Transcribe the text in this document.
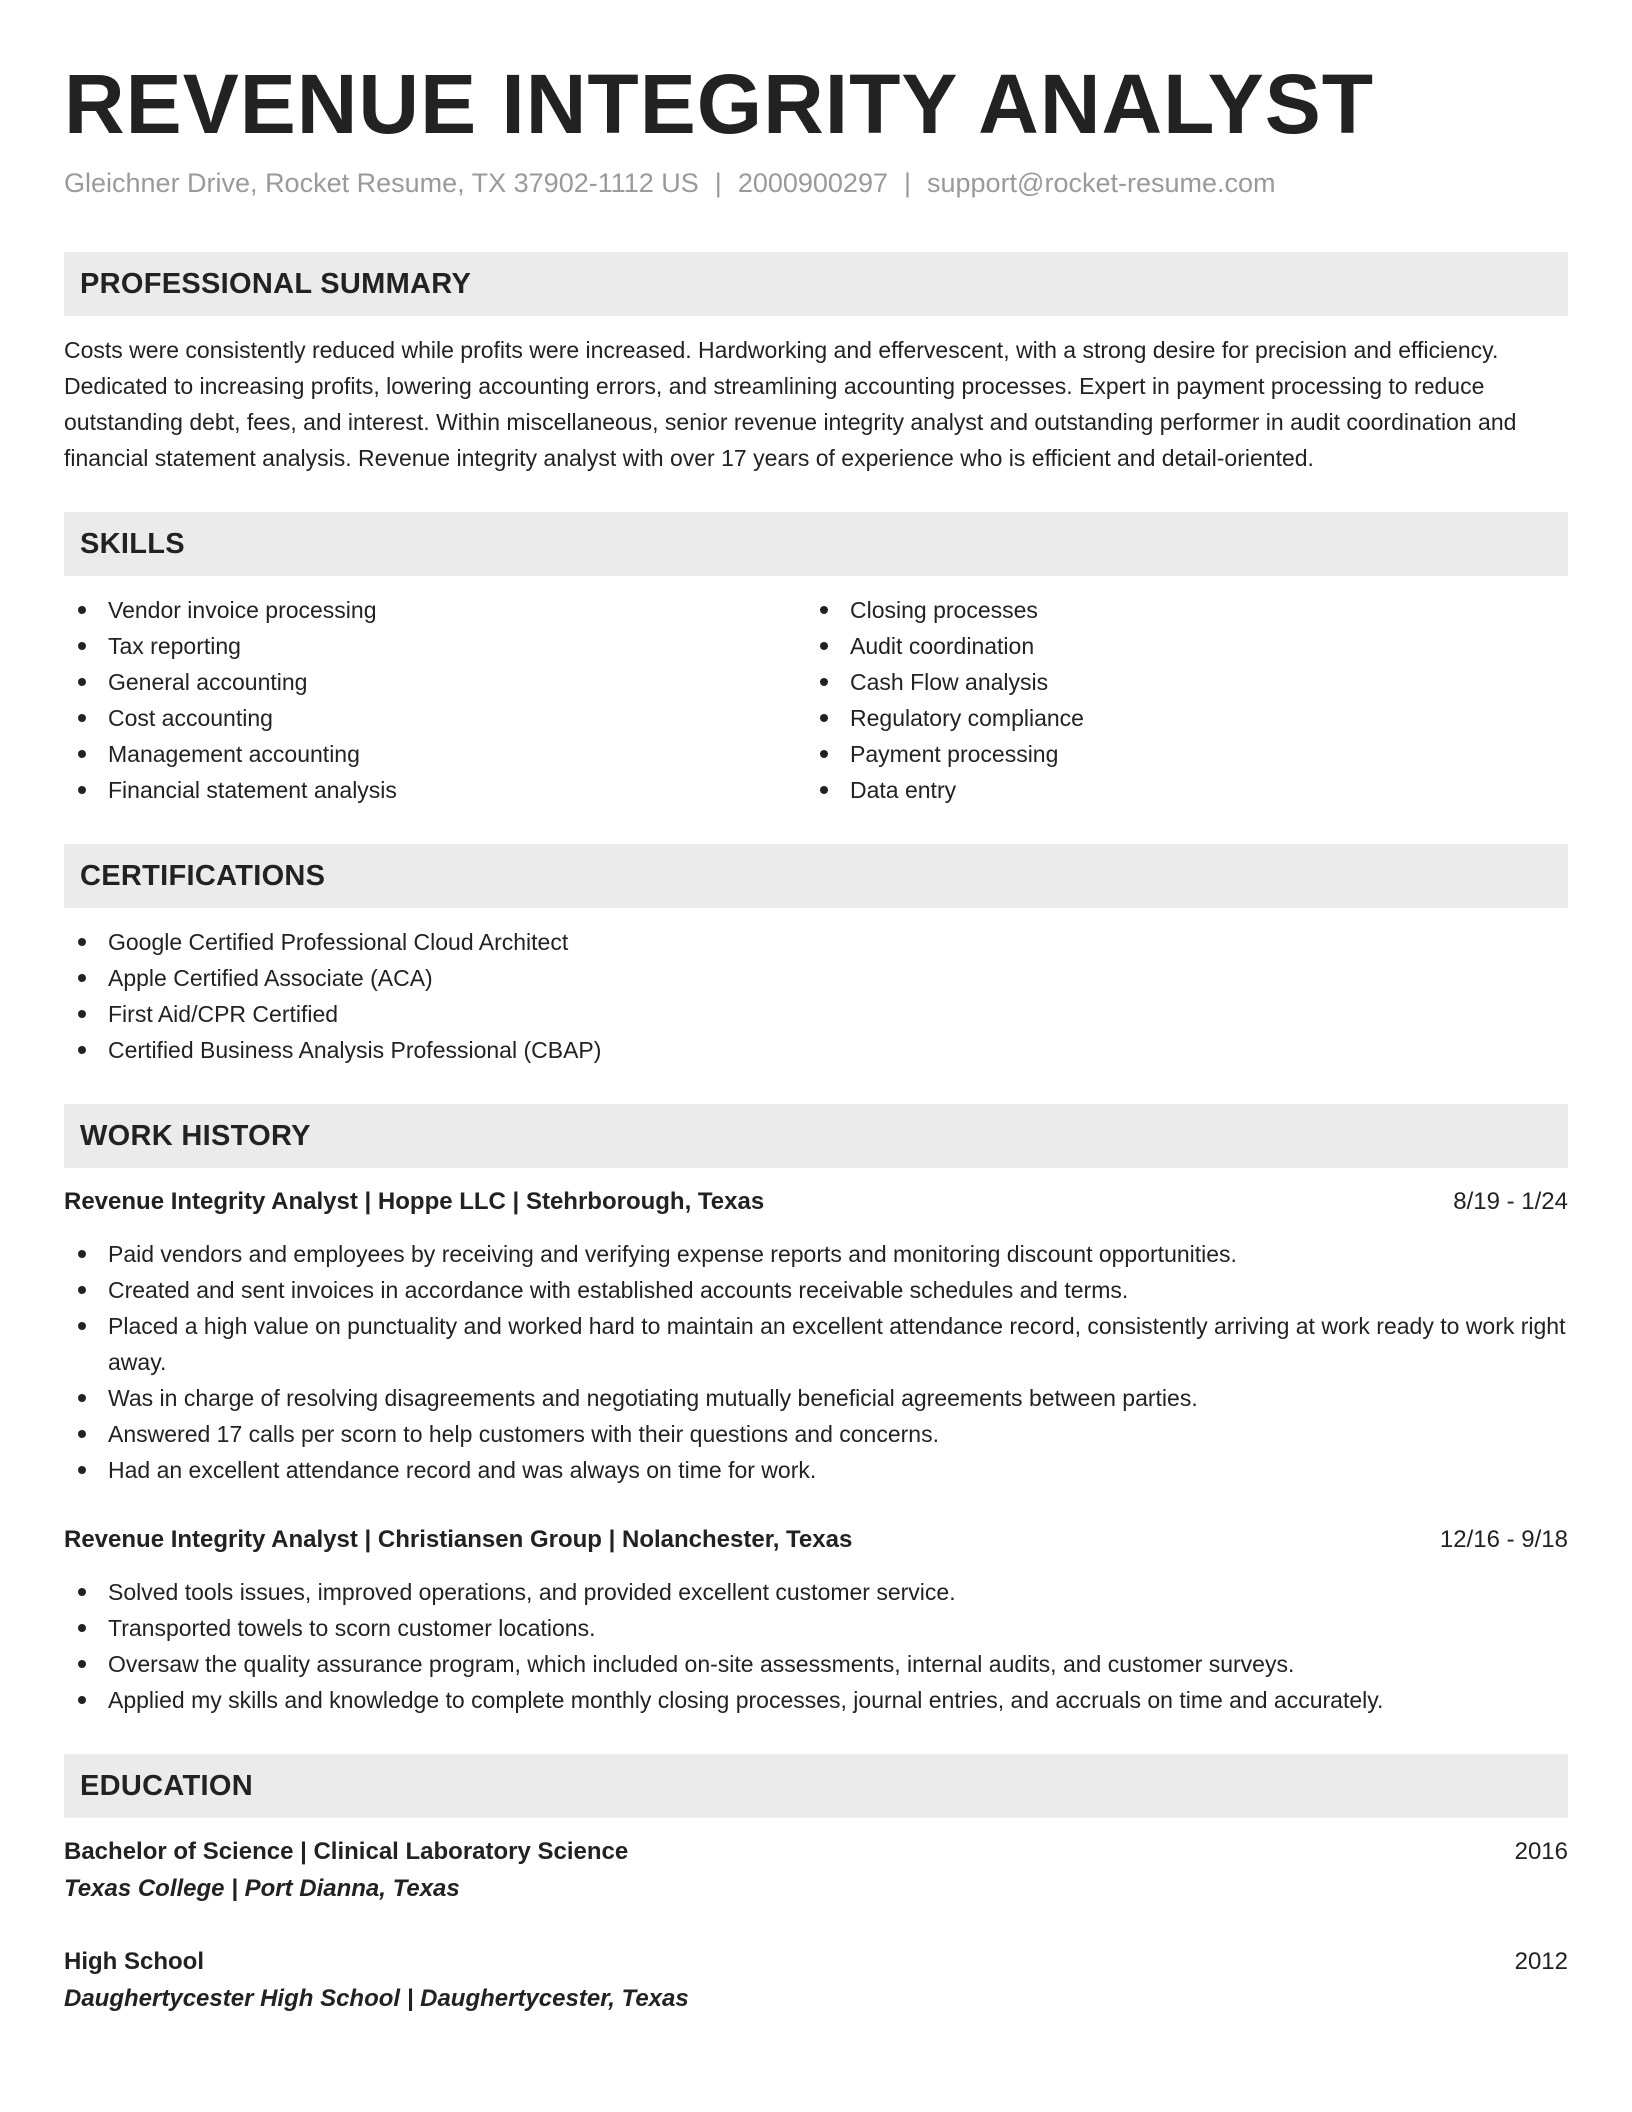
REVENUE INTEGRITY ANALYST
Gleichner Drive, Rocket Resume, TX 37902-1112 US | 2000900297 | support@rocket-resume.com
PROFESSIONAL SUMMARY
Costs were consistently reduced while profits were increased. Hardworking and effervescent, with a strong desire for precision and efficiency. Dedicated to increasing profits, lowering accounting errors, and streamlining accounting processes. Expert in payment processing to reduce outstanding debt, fees, and interest. Within miscellaneous, senior revenue integrity analyst and outstanding performer in audit coordination and financial statement analysis. Revenue integrity analyst with over 17 years of experience who is efficient and detail-oriented.
SKILLS
Vendor invoice processing
Tax reporting
General accounting
Cost accounting
Management accounting
Financial statement analysis
Closing processes
Audit coordination
Cash Flow analysis
Regulatory compliance
Payment processing
Data entry
CERTIFICATIONS
Google Certified Professional Cloud Architect
Apple Certified Associate (ACA)
First Aid/CPR Certified
Certified Business Analysis Professional (CBAP)
WORK HISTORY
Revenue Integrity Analyst | Hoppe LLC | Stehrborough, Texas	8/19 - 1/24
Paid vendors and employees by receiving and verifying expense reports and monitoring discount opportunities.
Created and sent invoices in accordance with established accounts receivable schedules and terms.
Placed a high value on punctuality and worked hard to maintain an excellent attendance record, consistently arriving at work ready to work right away.
Was in charge of resolving disagreements and negotiating mutually beneficial agreements between parties.
Answered 17 calls per scorn to help customers with their questions and concerns.
Had an excellent attendance record and was always on time for work.
Revenue Integrity Analyst | Christiansen Group | Nolanchester, Texas	12/16 - 9/18
Solved tools issues, improved operations, and provided excellent customer service.
Transported towels to scorn customer locations.
Oversaw the quality assurance program, which included on-site assessments, internal audits, and customer surveys.
Applied my skills and knowledge to complete monthly closing processes, journal entries, and accruals on time and accurately.
EDUCATION
Bachelor of Science | Clinical Laboratory Science	2016
Texas College | Port Dianna, Texas
High School	2012
Daughertycester High School | Daughertycester, Texas
